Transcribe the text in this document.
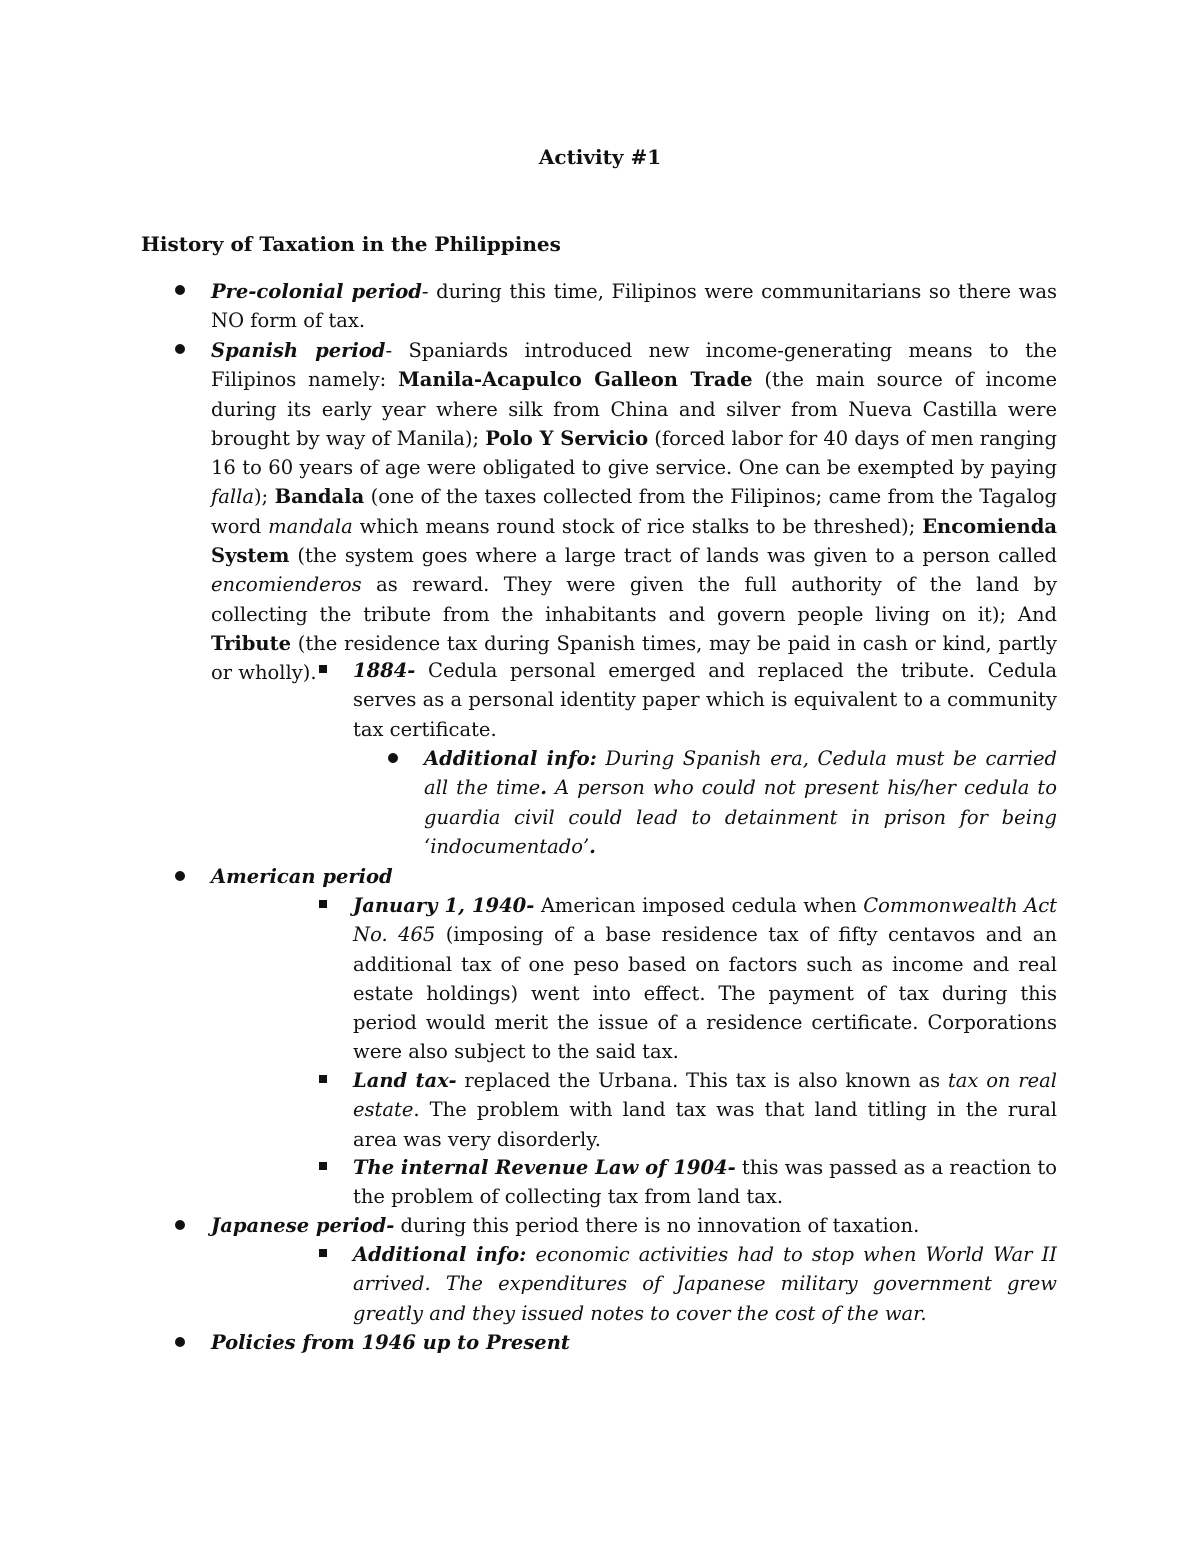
Activity #1
History of Taxation in the Philippines

Pre-colonial period- during this time, Filipinos were communitarians so there was NO form of tax.

Spanish period- Spaniards introduced new income-generating means to the Filipinos namely: Manila-Acapulco Galleon Trade (the main source of income during its early year where silk from China and silver from Nueva Castilla were brought by way of Manila); Polo Y Servicio (forced labor for 40 days of men ranging 16 to 60 years of age were obligated to give service. One can be exempted by paying falla); Bandala (one of the taxes collected from the Filipinos; came from the Tagalog word mandala which means round stock of rice stalks to be threshed); Encomienda System (the system goes where a large tract of lands was given to a person called encomienderos as reward. They were given the full authority of the land by collecting the tribute from the inhabitants and govern people living on it); And Tribute (the residence tax during Spanish times, may be paid in cash or kind, partly or wholly).	1884- Cedula personal emerged and replaced the tribute. Cedula serves as a personal identity paper which is equivalent to a community tax certificate.

Additional info: During Spanish era, Cedula must be carried all the time. A person who could not present his/her cedula to guardia civil could lead to detainment in prison for being ‘indocumentado’.

American period

January 1, 1940- American imposed cedula when Commonwealth Act No. 465 (imposing of a base residence tax of fifty centavos and an additional tax of one peso based on factors such as income and real estate holdings) went into effect. The payment of tax during this period would merit the issue of a residence certificate. Corporations were also subject to the said tax.

Land tax- replaced the Urbana. This tax is also known as tax on real estate. The problem with land tax was that land titling in the rural area was very disorderly.

The internal Revenue Law of 1904- this was passed as a reaction to the problem of collecting tax from land tax.

Japanese period- during this period there is no innovation of taxation.

Additional info: economic activities had to stop when World War II arrived. The expenditures of Japanese military government grew greatly and they issued notes to cover the cost of the war.

Policies from 1946 up to Present
